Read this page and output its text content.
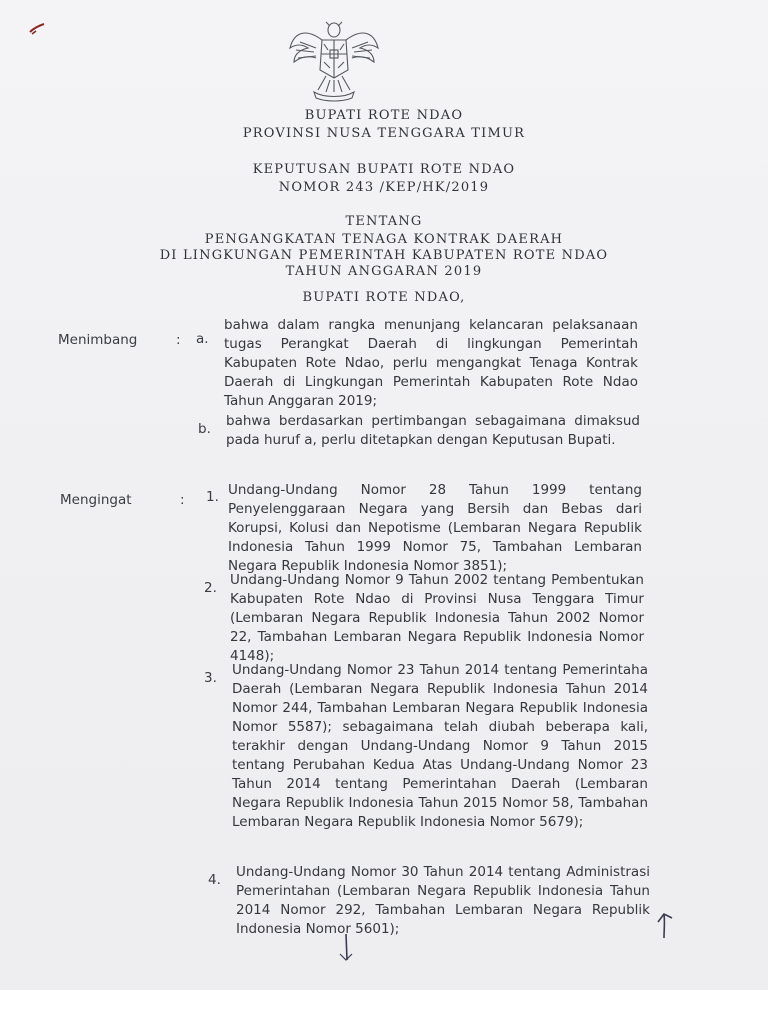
BUPATI ROTE NDAO
PROVINSI NUSA TENGGARA TIMUR
KEPUTUSAN BUPATI ROTE NDAO
NOMOR 243 /KEP/HK/2019
TENTANG
PENGANGKATAN TENAGA KONTRAK DAERAH
DI LINGKUNGAN PEMERINTAH KABUPATEN ROTE NDAO
TAHUN ANGGARAN 2019
BUPATI ROTE NDAO,
Menimbang	: a.

bahwa dalam rangka menunjang kelancaran pelaksanaan tugas Perangkat Daerah di lingkungan Pemerintah Kabupaten Rote Ndao, perlu mengangkat Tenaga Kontrak Daerah di Lingkungan Pemerintah Kabupaten Rote Ndao Tahun Anggaran 2019;

b. bahwa berdasarkan pertimbangan sebagaimana dimaksud pada huruf a, perlu ditetapkan dengan Keputusan Bupati.

Mengingat	: 1. Undang-Undang Nomor 28 Tahun 1999 tentang Penyelenggaraan Negara yang Bersih dan Bebas dari Korupsi, Kolusi dan Nepotisme (Lembaran Negara Republik Indonesia Tahun 1999 Nomor 75, Tambahan Lembaran Negara Republik Indonesia Nomor 3851);

2. Undang-Undang Nomor 9 Tahun 2002 tentang Pembentukan Kabupaten Rote Ndao di Provinsi Nusa Tenggara Timur (Lembaran Negara Republik Indonesia Tahun 2002 Nomor 22, Tambahan Lembaran Negara Republik Indonesia Nomor 4148);

3. Undang-Undang Nomor 23 Tahun 2014 tentang Pemerintaha Daerah (Lembaran Negara Republik Indonesia Tahun 2014 Nomor 244, Tambahan Lembaran Negara Republik Indonesia Nomor 5587); sebagaimana telah diubah beberapa kali, terakhir dengan Undang-Undang Nomor 9 Tahun 2015 tentang Perubahan Kedua Atas Undang-Undang Nomor 23 Tahun 2014 tentang Pemerintahan Daerah (Lembaran Negara Republik Indonesia Tahun 2015 Nomor 58, Tambahan Lembaran Negara Republik Indonesia Nomor 5679);

4. Undang-Undang Nomor 30 Tahun 2014 tentang Administrasi Pemerintahan (Lembaran Negara Republik Indonesia Tahun 2014 Nomor 292, Tambahan Lembaran Negara Republik Indonesia Nomor 5601);
